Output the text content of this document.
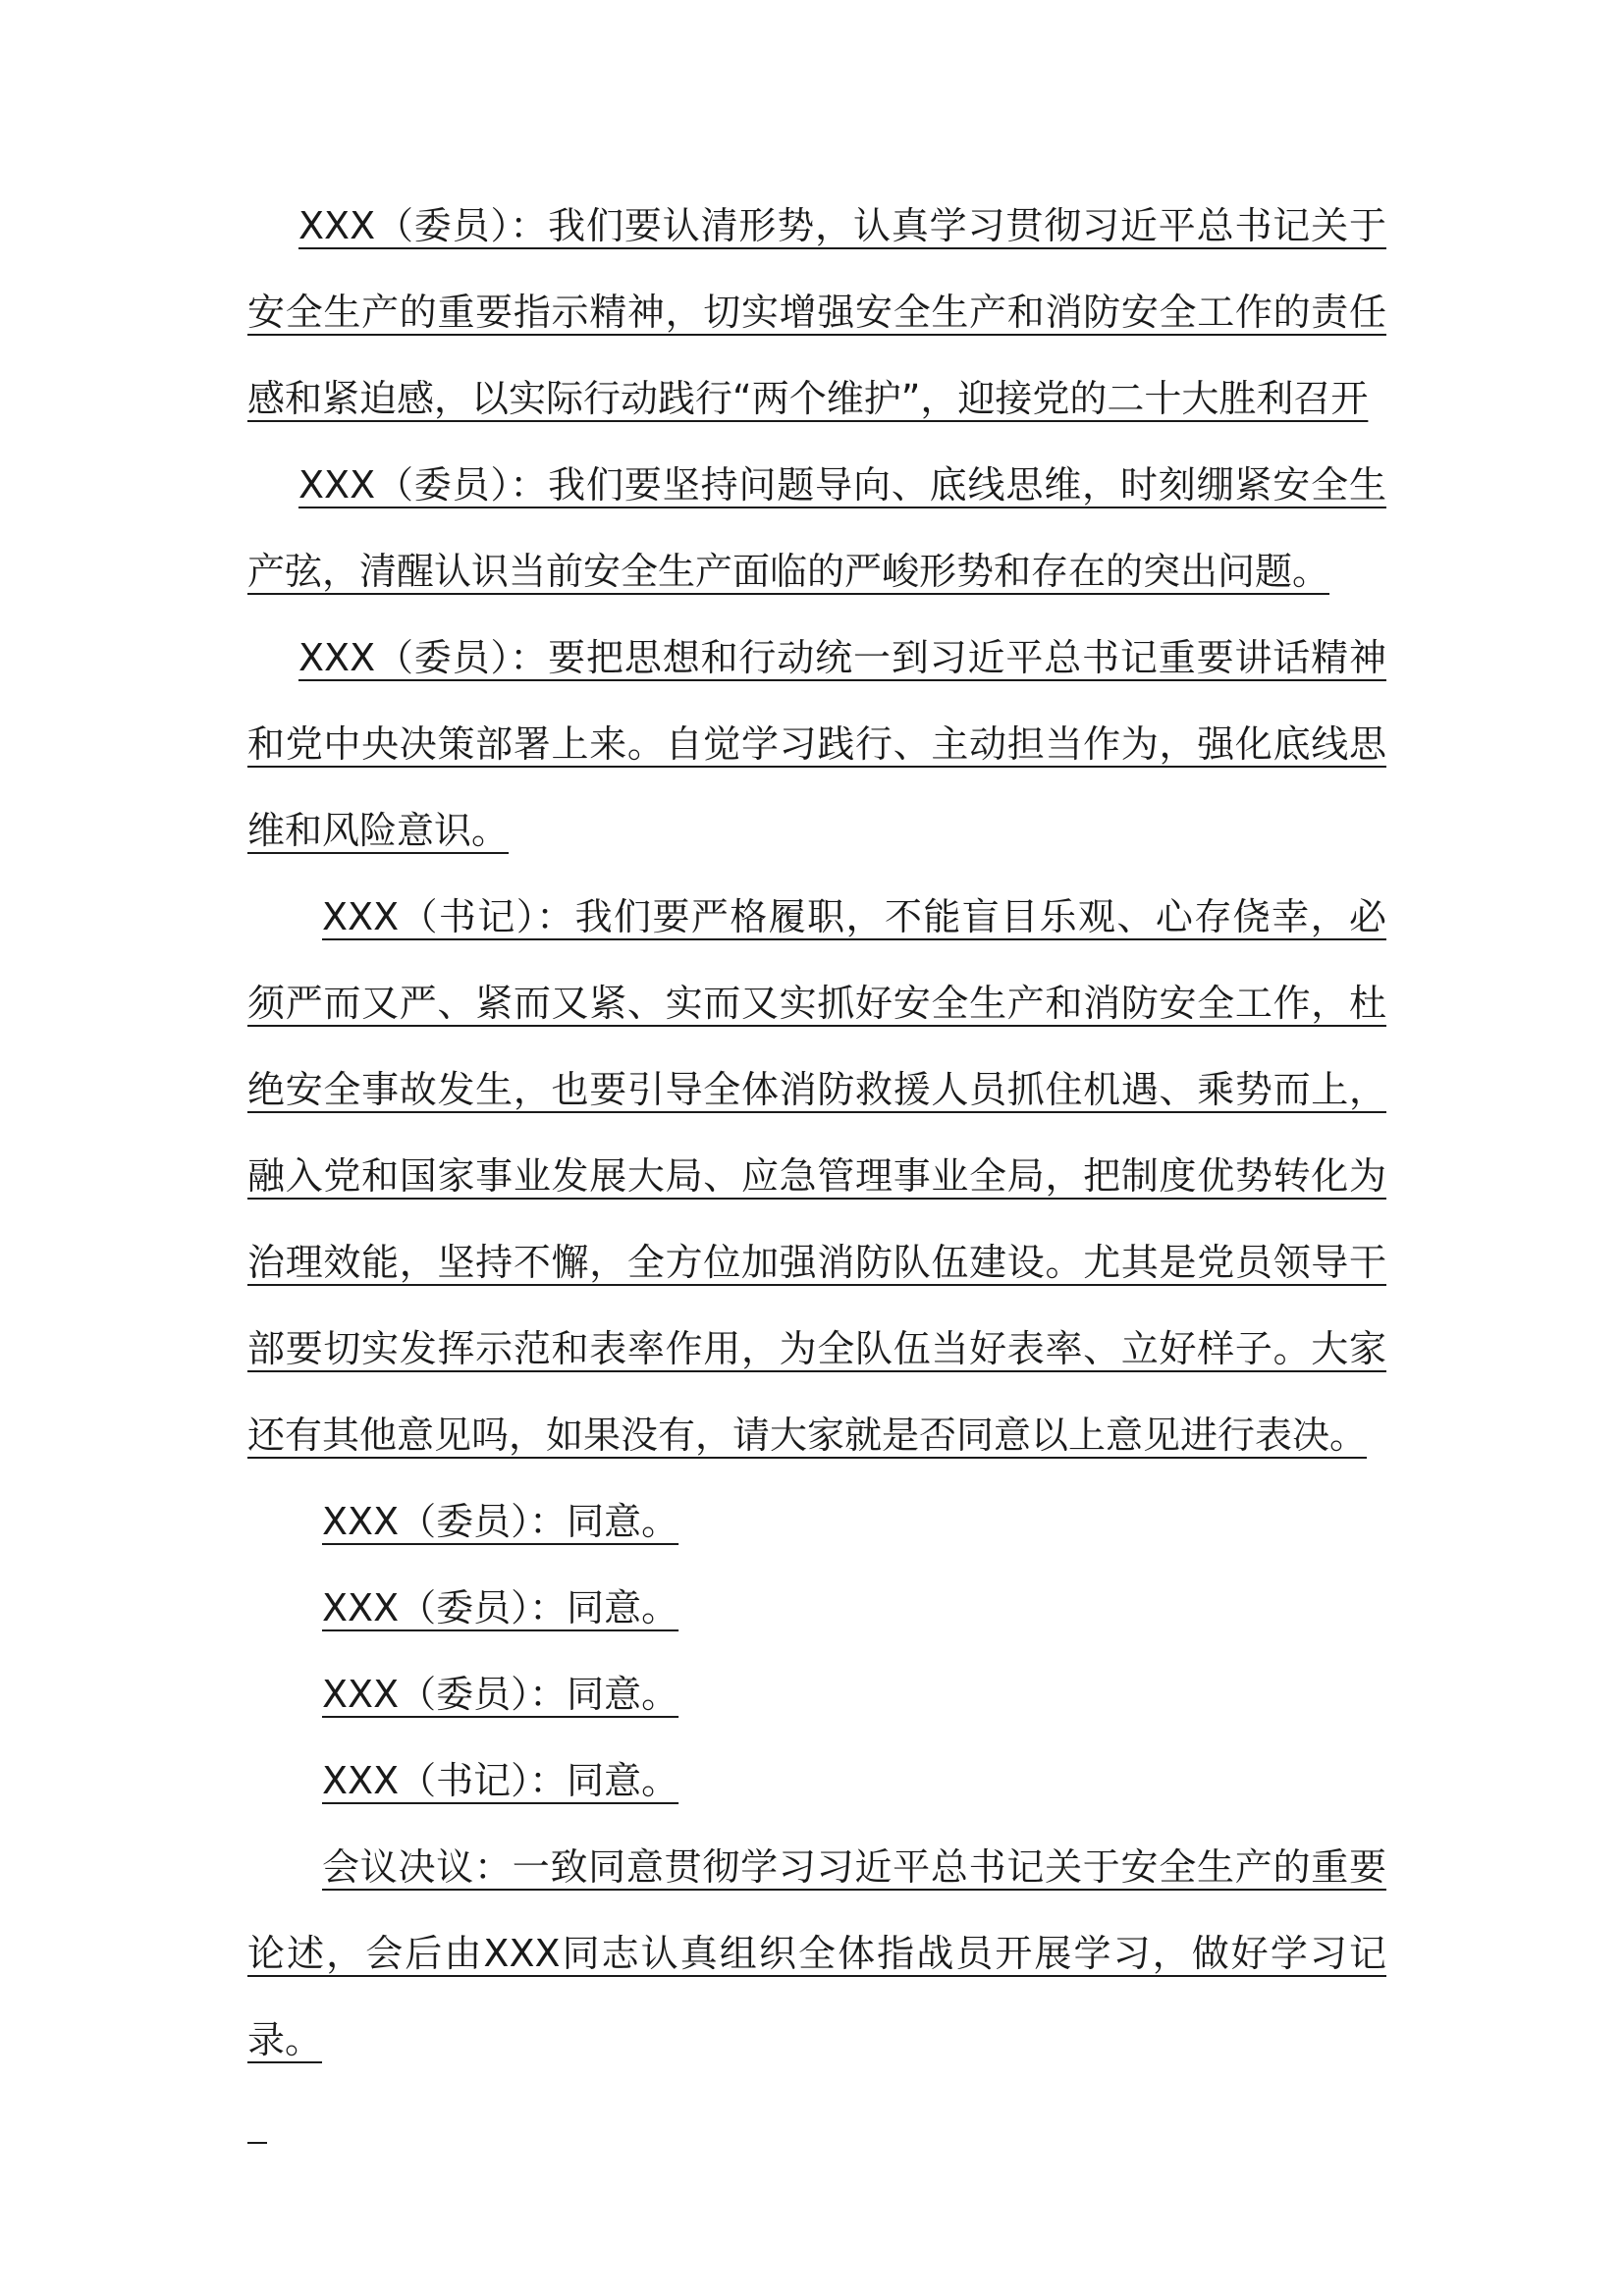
XXX（委员）：我们要认清形势，认真学习贯彻习近平总书记关于安全生产的重要指示精神，切实增强安全生产和消防安全工作的责任感和紧迫感，以实际行动践行“两个维护”，迎接党的二十大胜利召开

XXX（委员）：我们要坚持问题导向、底线思维，时刻绷紧安全生产弦，清醒认识当前安全生产面临的严峻形势和存在的突出问题。

XXX（委员）：要把思想和行动统一到习近平总书记重要讲话精神和党中央决策部署上来。自觉学习践行、主动担当作为，强化底线思维和风险意识。

XXX（书记）：我们要严格履职，不能盲目乐观、心存侥幸，必须严而又严、紧而又紧、实而又实抓好安全生产和消防安全工作，杜绝安全事故发生，也要引导全体消防救援人员抓住机遇、乘势而上，融入党和国家事业发展大局、应急管理事业全局，把制度优势转化为治理效能，坚持不懈，全方位加强消防队伍建设。尤其是党员领导干部要切实发挥示范和表率作用，为全队伍当好表率、立好样子。大家还有其他意见吗，如果没有，请大家就是否同意以上意见进行表决。

XXX（委员）：同意。

XXX（委员）：同意。

XXX（委员）：同意。

XXX（书记）：同意。

会议决议：一致同意贯彻学习习近平总书记关于安全生产的重要论述，会后由XXX同志认真组织全体指战员开展学习，做好学习记录。
